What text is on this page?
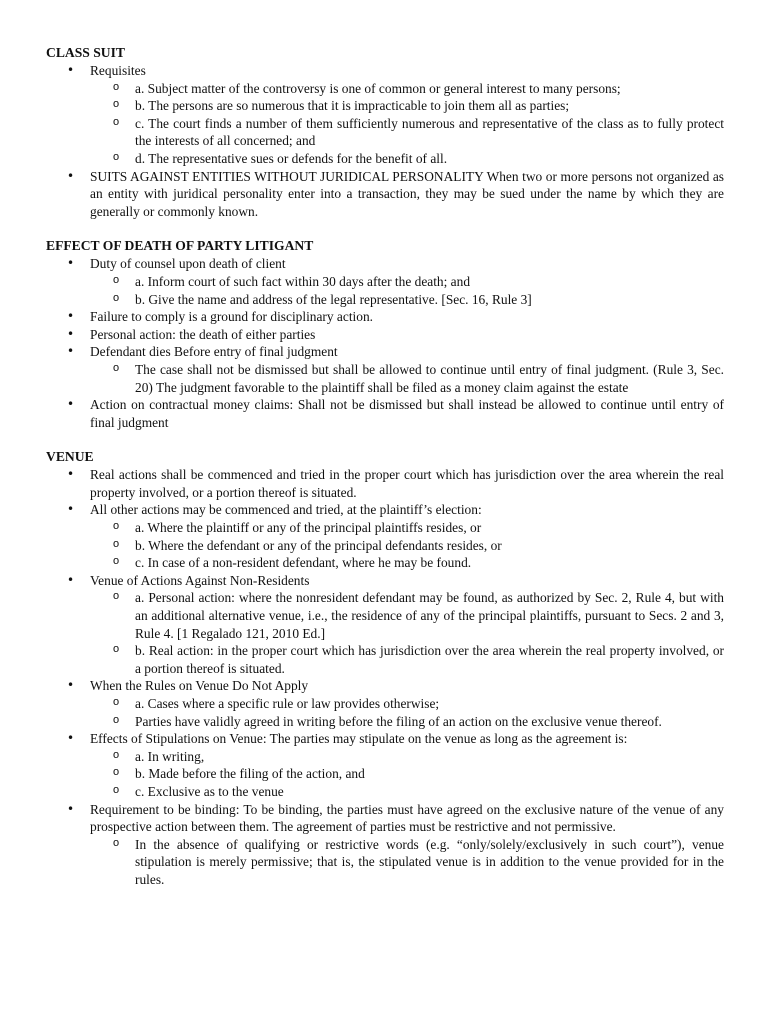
CLASS SUIT
• Requisites
o a. Subject matter of the controversy is one of common or general interest to many persons;
o b. The persons are so numerous that it is impracticable to join them all as parties;
o c. The court finds a number of them sufficiently numerous and representative of the class as to fully protect the interests of all concerned; and
o d. The representative sues or defends for the benefit of all.
• SUITS AGAINST ENTITIES WITHOUT JURIDICAL PERSONALITY When two or more persons not organized as an entity with juridical personality enter into a transaction, they may be sued under the name by which they are generally or commonly known.
EFFECT OF DEATH OF PARTY LITIGANT
• Duty of counsel upon death of client
o a. Inform court of such fact within 30 days after the death; and
o b. Give the name and address of the legal representative. [Sec. 16, Rule 3]
• Failure to comply is a ground for disciplinary action.
• Personal action: the death of either parties
• Defendant dies Before entry of final judgment
o The case shall not be dismissed but shall be allowed to continue until entry of final judgment. (Rule 3, Sec. 20) The judgment favorable to the plaintiff shall be filed as a money claim against the estate
• Action on contractual money claims: Shall not be dismissed but shall instead be allowed to continue until entry of final judgment
VENUE
• Real actions shall be commenced and tried in the proper court which has jurisdiction over the area wherein the real property involved, or a portion thereof is situated.
• All other actions may be commenced and tried, at the plaintiff’s election:
o a. Where the plaintiff or any of the principal plaintiffs resides, or
o b. Where the defendant or any of the principal defendants resides, or
o c. In case of a non-resident defendant, where he may be found.
• Venue of Actions Against Non-Residents
o a. Personal action: where the nonresident defendant may be found, as authorized by Sec. 2, Rule 4, but with an additional alternative venue, i.e., the residence of any of the principal plaintiffs, pursuant to Secs. 2 and 3, Rule 4. [1 Regalado 121, 2010 Ed.]
o b. Real action: in the proper court which has jurisdiction over the area wherein the real property involved, or a portion thereof is situated.
• When the Rules on Venue Do Not Apply
o a. Cases where a specific rule or law provides otherwise;
o Parties have validly agreed in writing before the filing of an action on the exclusive venue thereof.
• Effects of Stipulations on Venue: The parties may stipulate on the venue as long as the agreement is:
o a. In writing,
o b. Made before the filing of the action, and
o c. Exclusive as to the venue
• Requirement to be binding: To be binding, the parties must have agreed on the exclusive nature of the venue of any prospective action between them. The agreement of parties must be restrictive and not permissive.
o In the absence of qualifying or restrictive words (e.g. “only/solely/exclusively in such court”), venue stipulation is merely permissive; that is, the stipulated venue is in addition to the venue provided for in the rules.
